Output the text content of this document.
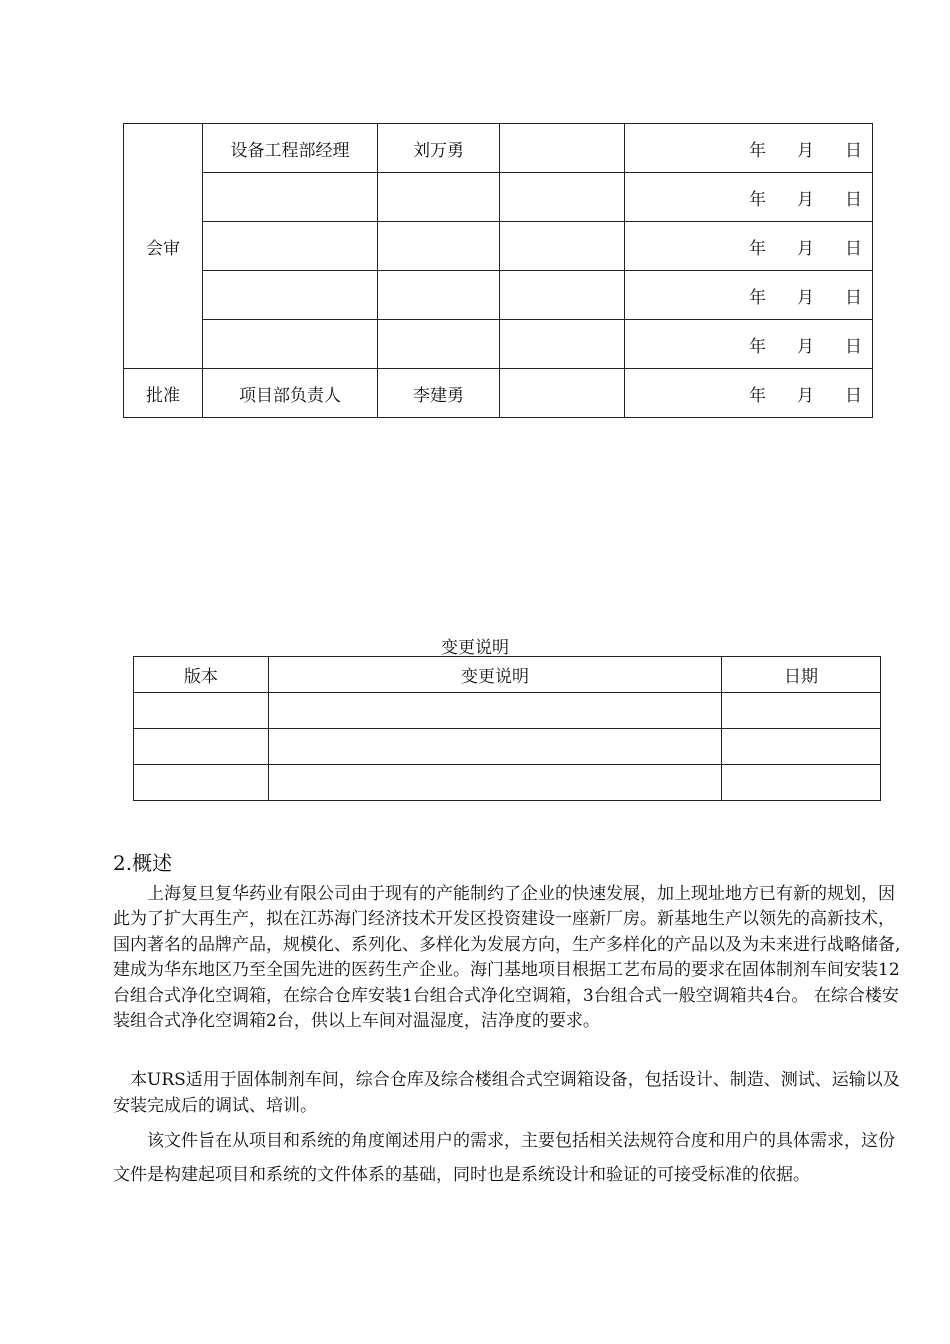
会审	设备工程部经理	刘万勇		年 月 日
				年 月 日
				年 月 日
				年 月 日
				年 月 日
批准	项目部负责人	李建勇		年 月 日
变更说明
版本	变更说明	日期

2.概述

　　上海复旦复华药业有限公司由于现有的产能制约了企业的快速发展，加上现址地方已有新的规划，因此为了扩大再生产，拟在江苏海门经济技术开发区投资建设一座新厂房。新基地生产以领先的高新技术，国内著名的品牌产品，规模化、系列化、多样化为发展方向，生产多样化的产品以及为未来进行战略储备,建成为华东地区乃至全国先进的医药生产企业。海门基地项目根据工艺布局的要求在固体制剂车间安装12台组合式净化空调箱，在综合仓库安装1台组合式净化空调箱，3台组合式一般空调箱共4台。 在综合楼安装组合式净化空调箱2台，供以上车间对温湿度，洁净度的要求。

　本URS适用于固体制剂车间，综合仓库及综合楼组合式空调箱设备，包括设计、制造、测试、运输以及安装完成后的调试、培训。

　　该文件旨在从项目和系统的角度阐述用户的需求，主要包括相关法规符合度和用户的具体需求，这份文件是构建起项目和系统的文件体系的基础，同时也是系统设计和验证的可接受标准的依据。
